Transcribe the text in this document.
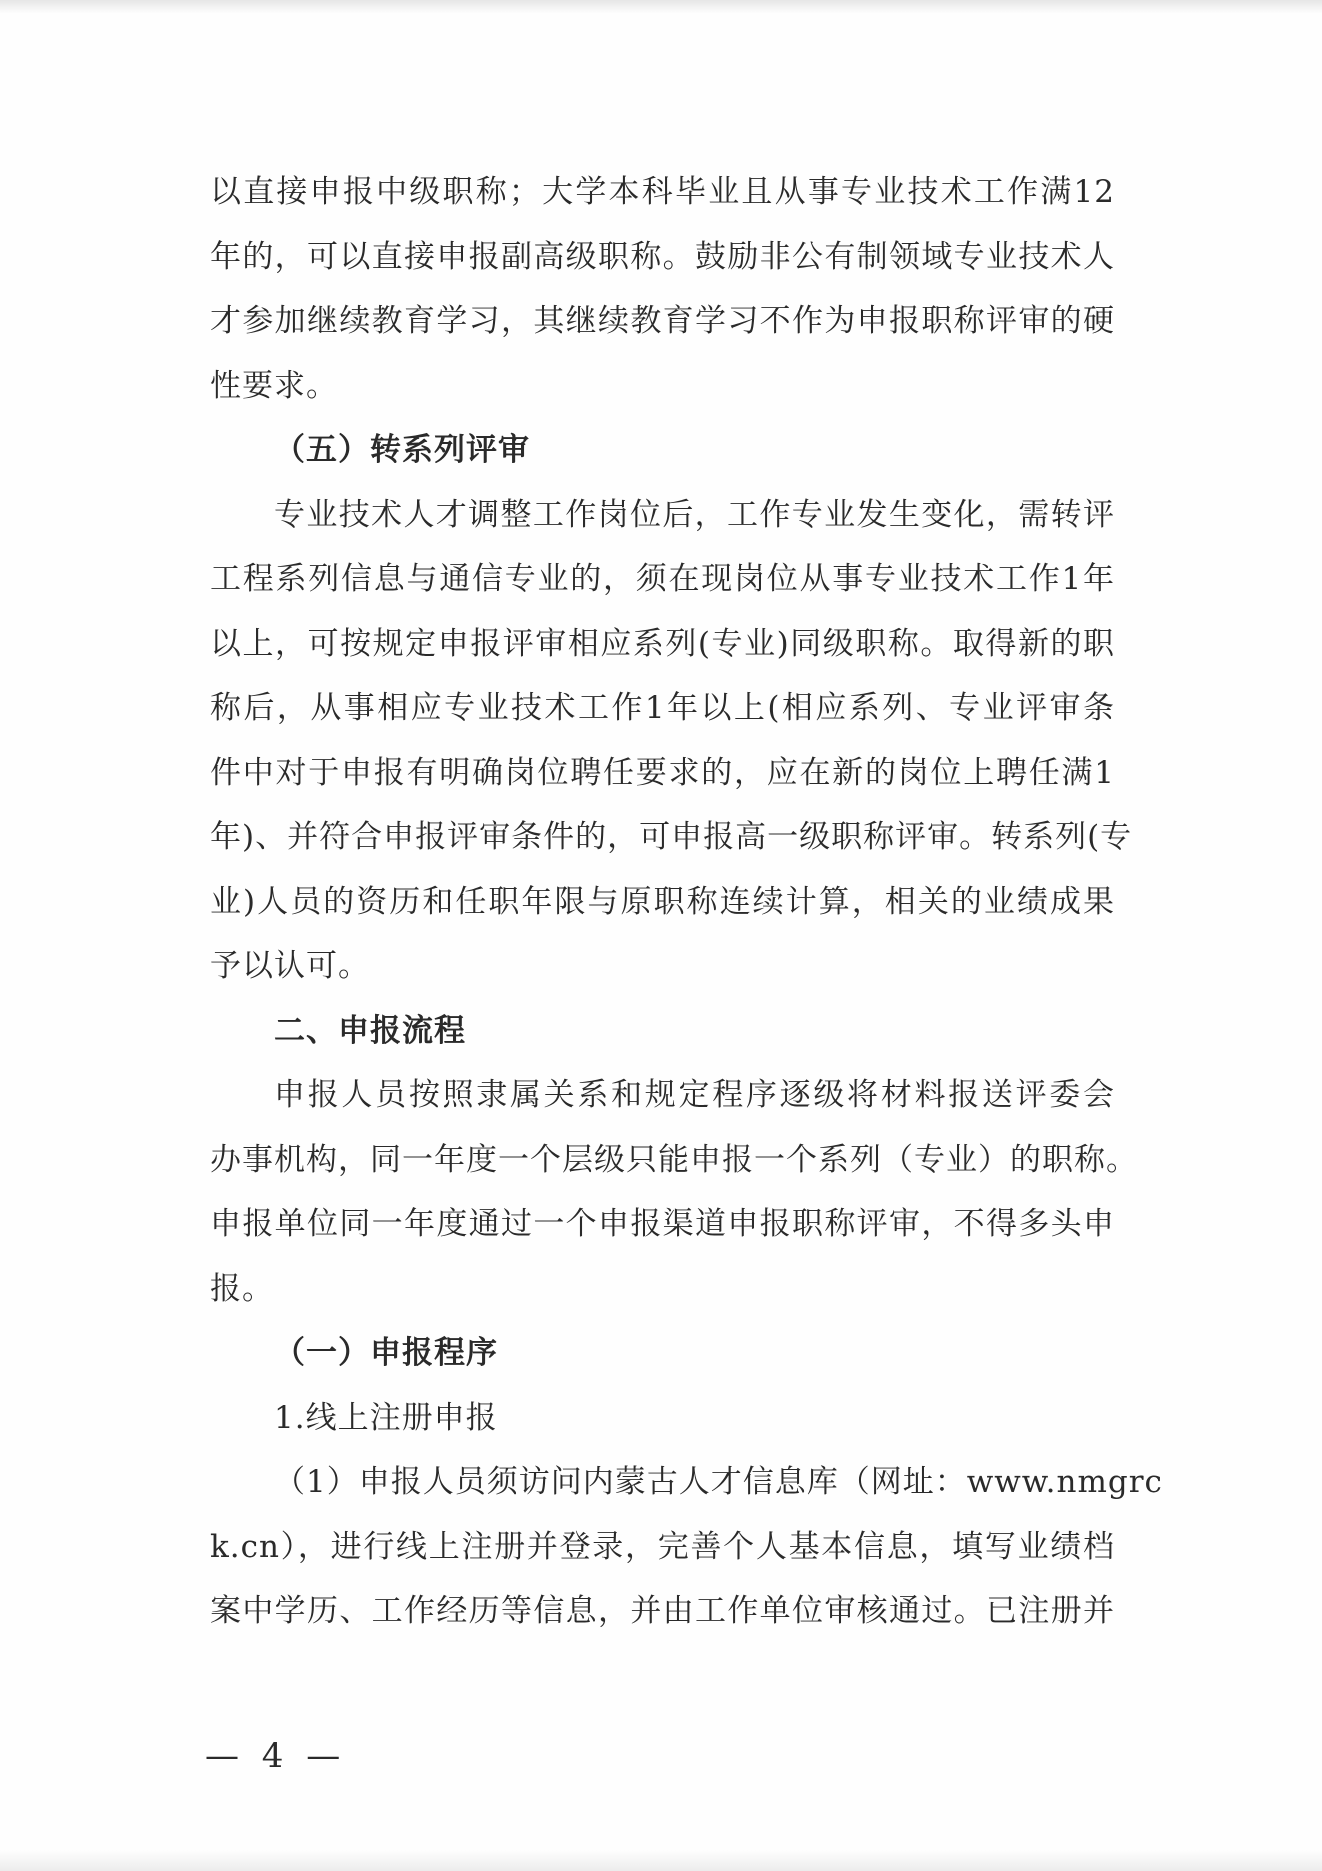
以直接申报中级职称；大学本科毕业且从事专业技术工作满12
年的，可以直接申报副高级职称。鼓励非公有制领域专业技术人
才参加继续教育学习，其继续教育学习不作为申报职称评审的硬
性要求。
（五）转系列评审
专业技术人才调整工作岗位后，工作专业发生变化，需转评
工程系列信息与通信专业的，须在现岗位从事专业技术工作1年
以上，可按规定申报评审相应系列(专业)同级职称。取得新的职
称后，从事相应专业技术工作1年以上(相应系列、专业评审条
件中对于申报有明确岗位聘任要求的，应在新的岗位上聘任满1
年)、并符合申报评审条件的，可申报高一级职称评审。转系列(专
业)人员的资历和任职年限与原职称连续计算，相关的业绩成果
予以认可。
二、申报流程
申报人员按照隶属关系和规定程序逐级将材料报送评委会
办事机构，同一年度一个层级只能申报一个系列（专业）的职称。
申报单位同一年度通过一个申报渠道申报职称评审，不得多头申
报。
（一）申报程序
1.线上注册申报
（1）申报人员须访问内蒙古人才信息库（网址：www.nmgrc
k.cn），进行线上注册并登录，完善个人基本信息，填写业绩档
案中学历、工作经历等信息，并由工作单位审核通过。已注册并
— 4 —
